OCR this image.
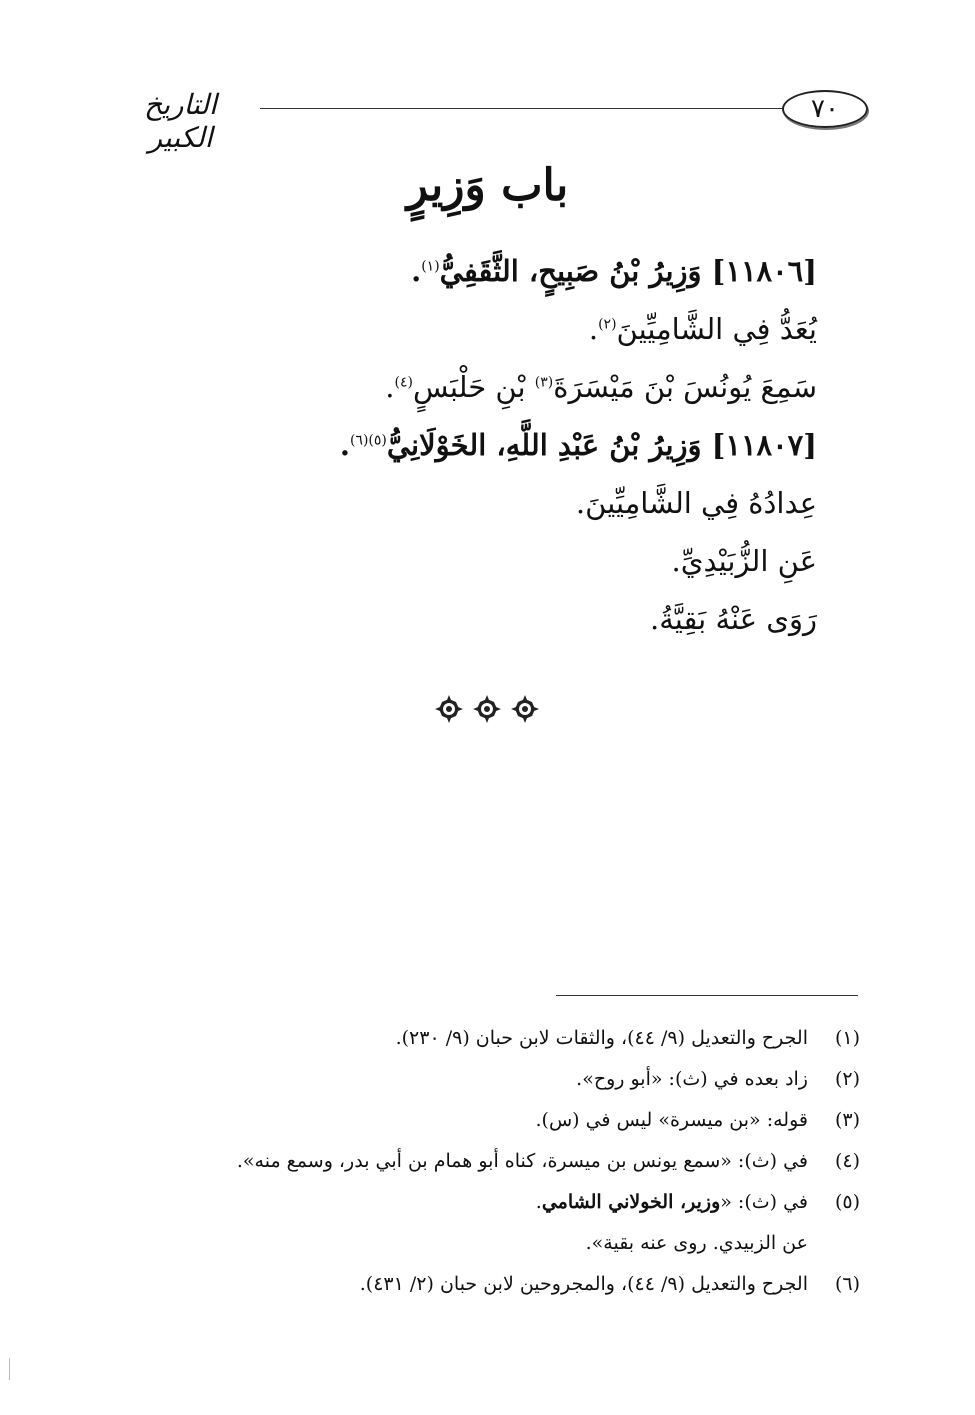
٧٠
التاريخ الكبير
باب وَزِيرٍ
[١١٨٠٦] وَزِيرُ بْنُ صَبِيحٍ، الثَّقَفِيُّ$^{(١)}$.
يُعَدُّ فِي الشَّامِيِّينَ$^{(٢)}$.
سَمِعَ يُونُسَ بْنَ مَيْسَرَةَ$^{(٣)}$ بْنِ حَلْبَسٍ$^{(٤)}$.
[١١٨٠٧] وَزِيرُ بْنُ عَبْدِ اللَّهِ، الخَوْلَانِيُّ$^{(٥)(٦)}$.
عِدادُهُ فِي الشَّامِيِّينَ.
عَنِ الزُّبَيْدِيِّ.
رَوَى عَنْهُ بَقِيَّةُ.
(١)الجرح والتعديل (٩/ ٤٤)، والثقات لابن حبان (٩/ ٢٣٠).
(٢)زاد بعده في (ث): «أبو روح».
(٣)قوله: «بن ميسرة» ليس في (س).
(٤)في (ث): «سمع يونس بن ميسرة، كناه أبو همام بن أبي بدر، وسمع منه».
(٥)في (ث): «وزير، الخولاني الشامي.
عن الزبيدي. روى عنه بقية».
(٦)الجرح والتعديل (٩/ ٤٤)، والمجروحين لابن حبان (٢/ ٤٣١).
